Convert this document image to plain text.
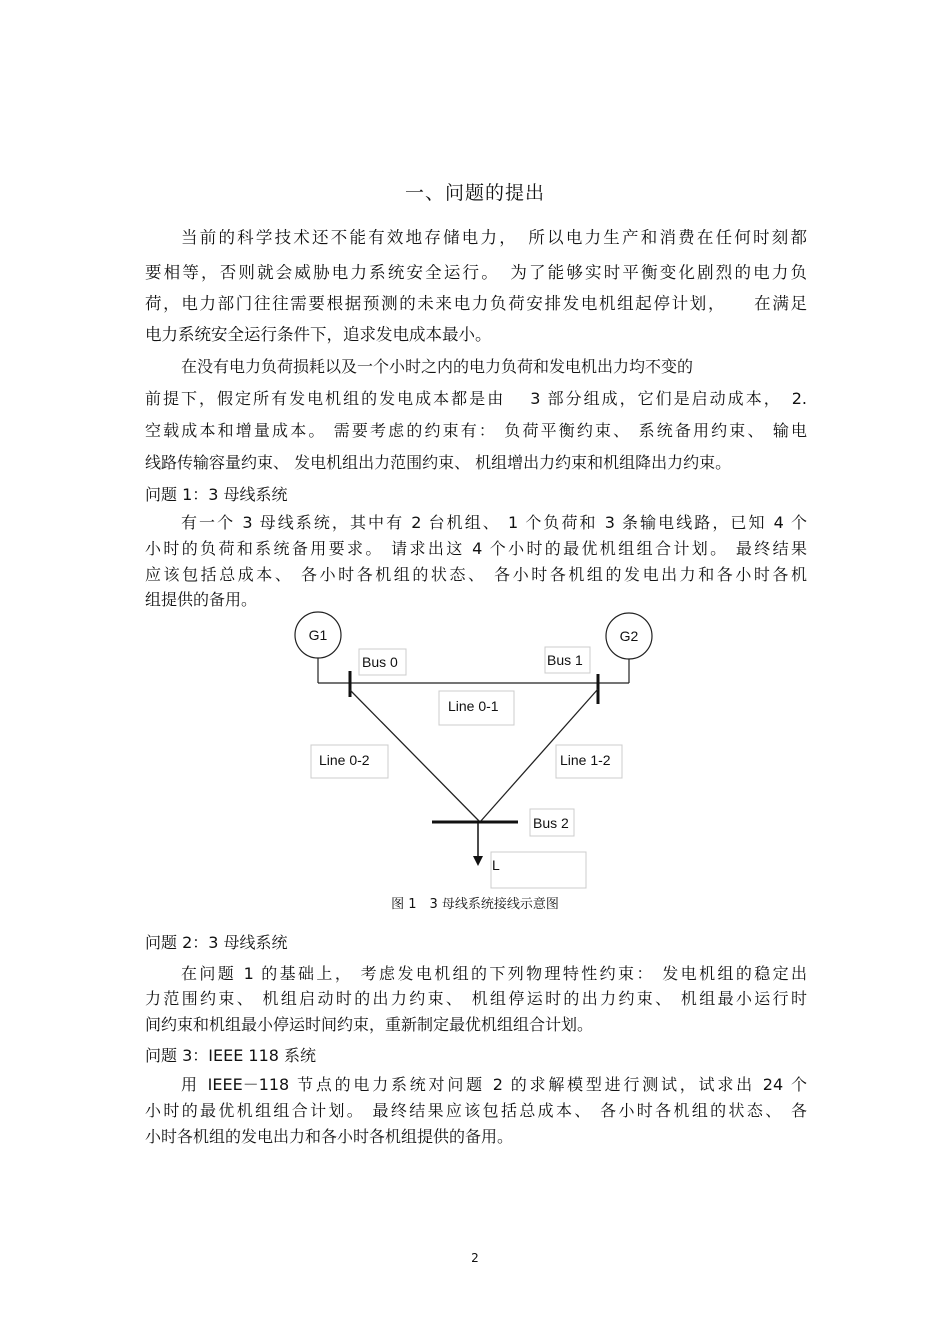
一、问题的提出
当前的科学技术还不能有效地存储电力，　所以电力生产和消费在任何时刻都
要相等，否则就会威胁电力系统安全运行。　为了能够实时平衡变化剧烈的电力负
荷，电力部门往往需要根据预测的未来电力负荷安排发电机组起停计划，　　在满足
电力系统安全运行条件下，追求发电成本最小。
在没有电力负荷损耗以及一个小时之内的电力负荷和发电机出力均不变的
前提下，假定所有发电机组的发电成本都是由　 3 部分组成，它们是启动成本，　2.
空载成本和增量成本。 需要考虑的约束有： 负荷平衡约束、 系统备用约束、 输电
线路传输容量约束、 发电机组出力范围约束、 机组增出力约束和机组降出力约束。
问题 1：3 母线系统
有一个 3 母线系统，其中有 2 台机组、 1 个负荷和 3 条输电线路，已知 4 个
小时的负荷和系统备用要求。 请求出这 4 个小时的最优机组组合计划。 最终结果
应该包括总成本、 各小时各机组的状态、 各小时各机组的发电出力和各小时各机
组提供的备用。
G1	G2
Bus 0	Bus 1
Line 0-1
Line 0-2	Line 1-2
Bus 2
L
图 1　3 母线系统接线示意图
问题 2：3 母线系统
在问题 1 的基础上， 考虑发电机组的下列物理特性约束： 发电机组的稳定出
力范围约束、 机组启动时的出力约束、 机组停运时的出力约束、 机组最小运行时
间约束和机组最小停运时间约束，重新制定最优机组组合计划。
问题 3：IEEE 118 系统
用 IEEE－118 节点的电力系统对问题 2 的求解模型进行测试，试求出 24 个
小时的最优机组组合计划。 最终结果应该包括总成本、 各小时各机组的状态、 各
小时各机组的发电出力和各小时各机组提供的备用。
2
